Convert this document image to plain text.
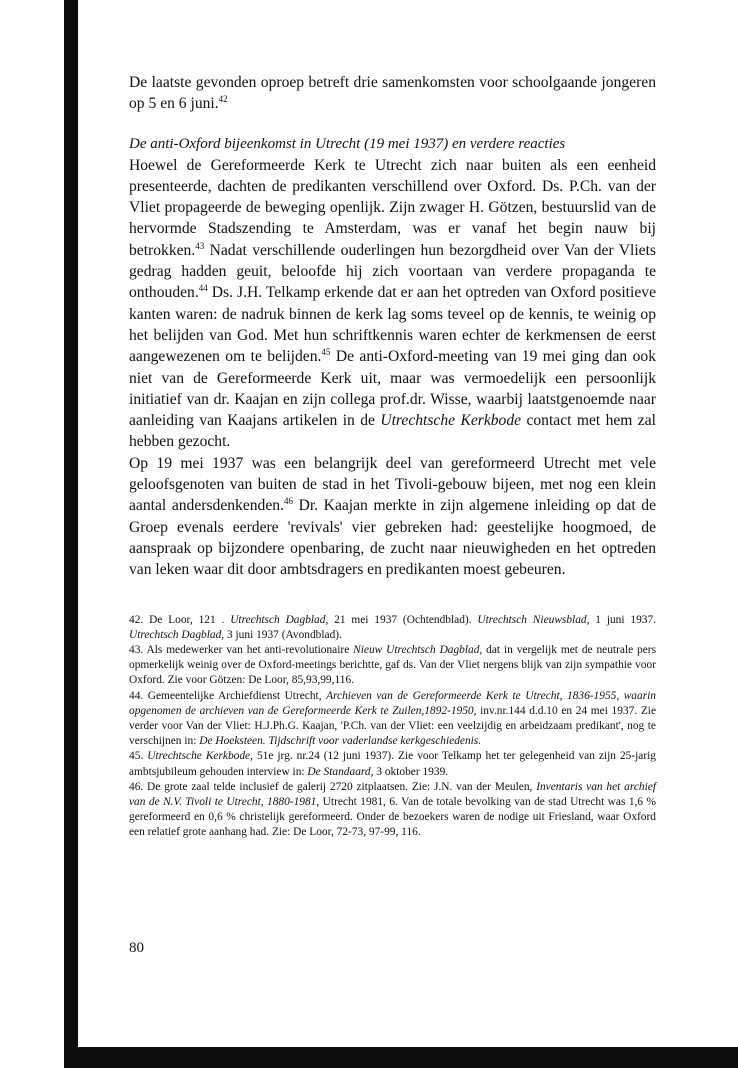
De laatste gevonden oproep betreft drie samenkomsten voor schoolgaande jongeren op 5 en 6 juni.$^{42}$

De anti-Oxford bijeenkomst in Utrecht (19 mei 1937) en verdere reacties

Hoewel de Gereformeerde Kerk te Utrecht zich naar buiten als een eenheid presenteerde, dachten de predikanten verschillend over Oxford. Ds. P.Ch. van der Vliet propageerde de beweging openlijk. Zijn zwager H. Götzen, bestuurslid van de hervormde Stadszending te Amsterdam, was er vanaf het begin nauw bij betrokken.$^{43}$ Nadat verschillende ouderlingen hun bezorgdheid over Van der Vliets gedrag hadden geuit, beloofde hij zich voortaan van verdere propaganda te onthouden.$^{44}$ Ds. J.H. Telkamp erkende dat er aan het optreden van Oxford positieve kanten waren: de nadruk binnen de kerk lag soms teveel op de kennis, te weinig op het belijden van God. Met hun schriftkennis waren echter de kerkmensen de eerst aangewezenen om te belijden.$^{45}$ De anti-Oxford-meeting van 19 mei ging dan ook niet van de Gereformeerde Kerk uit, maar was vermoedelijk een persoonlijk initiatief van dr. Kaajan en zijn collega prof.dr. Wisse, waarbij laatstgenoemde naar aanleiding van Kaajans artikelen in de Utrechtsche Kerkbode contact met hem zal hebben gezocht.

Op 19 mei 1937 was een belangrijk deel van gereformeerd Utrecht met vele geloofsgenoten van buiten de stad in het Tivoli-gebouw bijeen, met nog een klein aantal andersdenkenden.$^{46}$ Dr. Kaajan merkte in zijn algemene inleiding op dat de Groep evenals eerdere 'revivals' vier gebreken had: geestelijke hoogmoed, de aanspraak op bijzondere openbaring, de zucht naar nieuwigheden en het optreden van leken waar dit door ambtsdragers en predikanten moest gebeuren.

42. De Loor, 121 . Utrechtsch Dagblad, 21 mei 1937 (Ochtendblad). Utrechtsch Nieuwsblad, 1 juni 1937. Utrechtsch Dagblad, 3 juni 1937 (Avondblad).

43. Als medewerker van het anti-revolutionaire Nieuw Utrechtsch Dagblad, dat in vergelijk met de neutrale pers opmerkelijk weinig over de Oxford-meetings berichtte, gaf ds. Van der Vliet nergens blijk van zijn sympathie voor Oxford. Zie voor Götzen: De Loor, 85,93,99,116.

44. Gemeentelijke Archiefdienst Utrecht, Archieven van de Gereformeerde Kerk te Utrecht, 1836-1955, waarin opgenomen de archieven van de Gereformeerde Kerk te Zuilen,1892-1950, inv.nr.144 d.d.10 en 24 mei 1937. Zie verder voor Van der Vliet: H.J.Ph.G. Kaajan, 'P.Ch. van der Vliet: een veelzijdig en arbeidzaam predikant', nog te verschijnen in: De Hoeksteen. Tijdschrift voor vaderlandse kerkgeschiedenis.

45. Utrechtsche Kerkbode, 51e jrg. nr.24 (12 juni 1937). Zie voor Telkamp het ter gelegenheid van zijn 25-jarig ambtsjubileum gehouden interview in: De Standaard, 3 oktober 1939.

46. De grote zaal telde inclusief de galerij 2720 zitplaatsen. Zie: J.N. van der Meulen, Inventaris van het archief van de N.V. Tivoli te Utrecht, 1880-1981, Utrecht 1981, 6. Van de totale bevolking van de stad Utrecht was 1,6 % gereformeerd en 0,6 % christelijk gereformeerd. Onder de bezoekers waren de nodige uit Friesland, waar Oxford een relatief grote aanhang had. Zie: De Loor, 72-73, 97-99, 116.

80
